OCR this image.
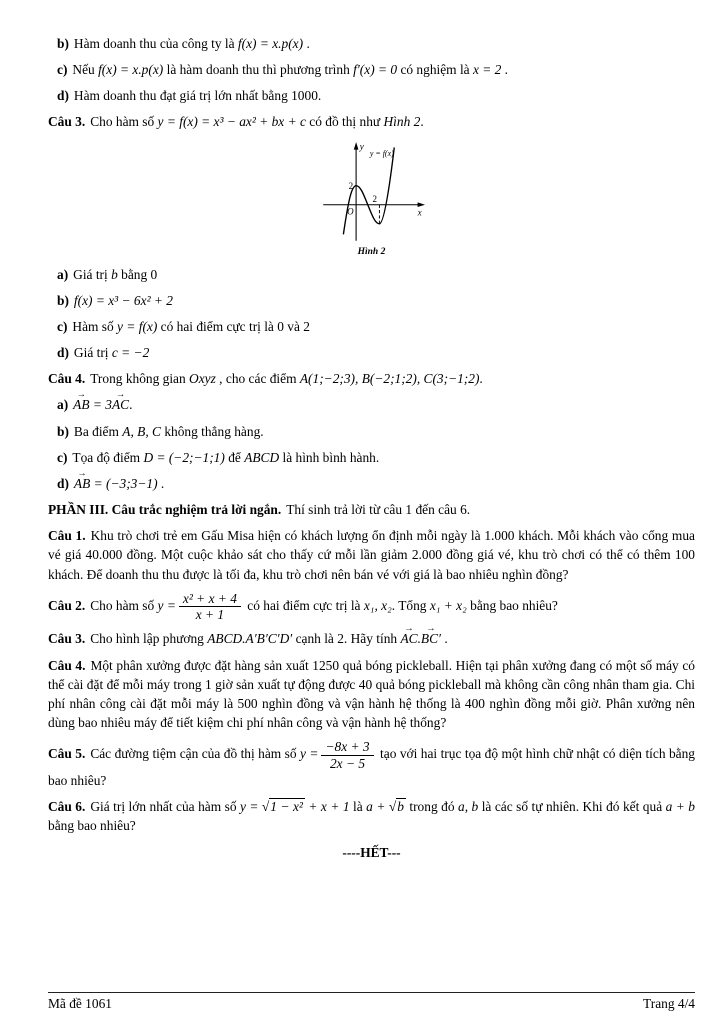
b) Hàm doanh thu của công ty là f(x) = x.p(x) .

c) Nếu f(x) = x.p(x) là hàm doanh thu thì phương trình f′(x) = 0 có nghiệm là x = 2 .

d) Hàm doanh thu đạt giá trị lớn nhất bằng 1000.

Câu 3. Cho hàm số y = f(x) = x³ − ax² + bx + c có đồ thị như Hình 2.

y
x
O
2
2
y = f(x)
Hình 2

a) Giá trị b bằng 0

b) f(x) = x³ − 6x² + 2

c) Hàm số y = f(x) có hai điểm cực trị là 0 và 2

d) Giá trị c = −2

Câu 4. Trong không gian Oxyz , cho các điểm A(1;−2;3), B(−2;1;2), C(3;−1;2).

a) AB → = 3AC →.

b) Ba điểm A, B, C không thẳng hàng.

c) Tọa độ điểm D = (−2;−1;1) để ABCD là hình bình hành.

d) AB → = (−3;3−1) .

PHẦN III. Câu trắc nghiệm trả lời ngắn. Thí sinh trả lời từ câu 1 đến câu 6.

Câu 1. Khu trò chơi trẻ em Gấu Misa hiện có khách lượng ổn định mỗi ngày là 1.000 khách. Mỗi khách vào cổng mua vé giá 40.000 đồng. Một cuộc khảo sát cho thấy cứ mỗi lần giảm 2.000 đồng giá vé, khu trò chơi có thể có thêm 100 khách. Để doanh thu thu được là tối đa, khu trò chơi nên bán vé với giá là bao nhiêu nghìn đồng?

Câu 2. Cho hàm số $y = \frac{\text{x² + x + 4}}{x + 1}$ có hai điểm cực trị là x₁, x₂. Tổng x₁ + x₂ bằng bao nhiêu?

Câu 3. Cho hình lập phương ABCD.A′B′C′D′ cạnh là 2. Hãy tính AC →.BC′ → .

Câu 4. Một phân xưởng được đặt hàng sản xuất 1250 quả bóng pickleball. Hiện tại phân xưởng đang có một số máy có thể cài đặt để mỗi máy trong 1 giờ sản xuất tự động được 40 quả bóng pickleball mà không cần công nhân tham gia. Chi phí nhân công cài đặt mỗi máy là 500 nghìn đồng và vận hành hệ thống là 400 nghìn đồng mỗi giờ. Phân xưởng nên dùng bao nhiêu máy để tiết kiệm chi phí nhân công và vận hành hệ thống?

Câu 5. Các đường tiệm cận của đồ thị hàm số $y = \frac{-8x + 3}{2x - 5}$ tạo với hai trục tọa độ một hình chữ nhật có diện tích bằng bao nhiêu?

Câu 6. Giá trị lớn nhất của hàm số y = √1 − x² + x + 1 là a + √b trong đó a, b là các số tự nhiên. Khi đó kết quả a + b bằng bao nhiêu?

----HẾT---

Mã đề 1061	Trang 4/4
